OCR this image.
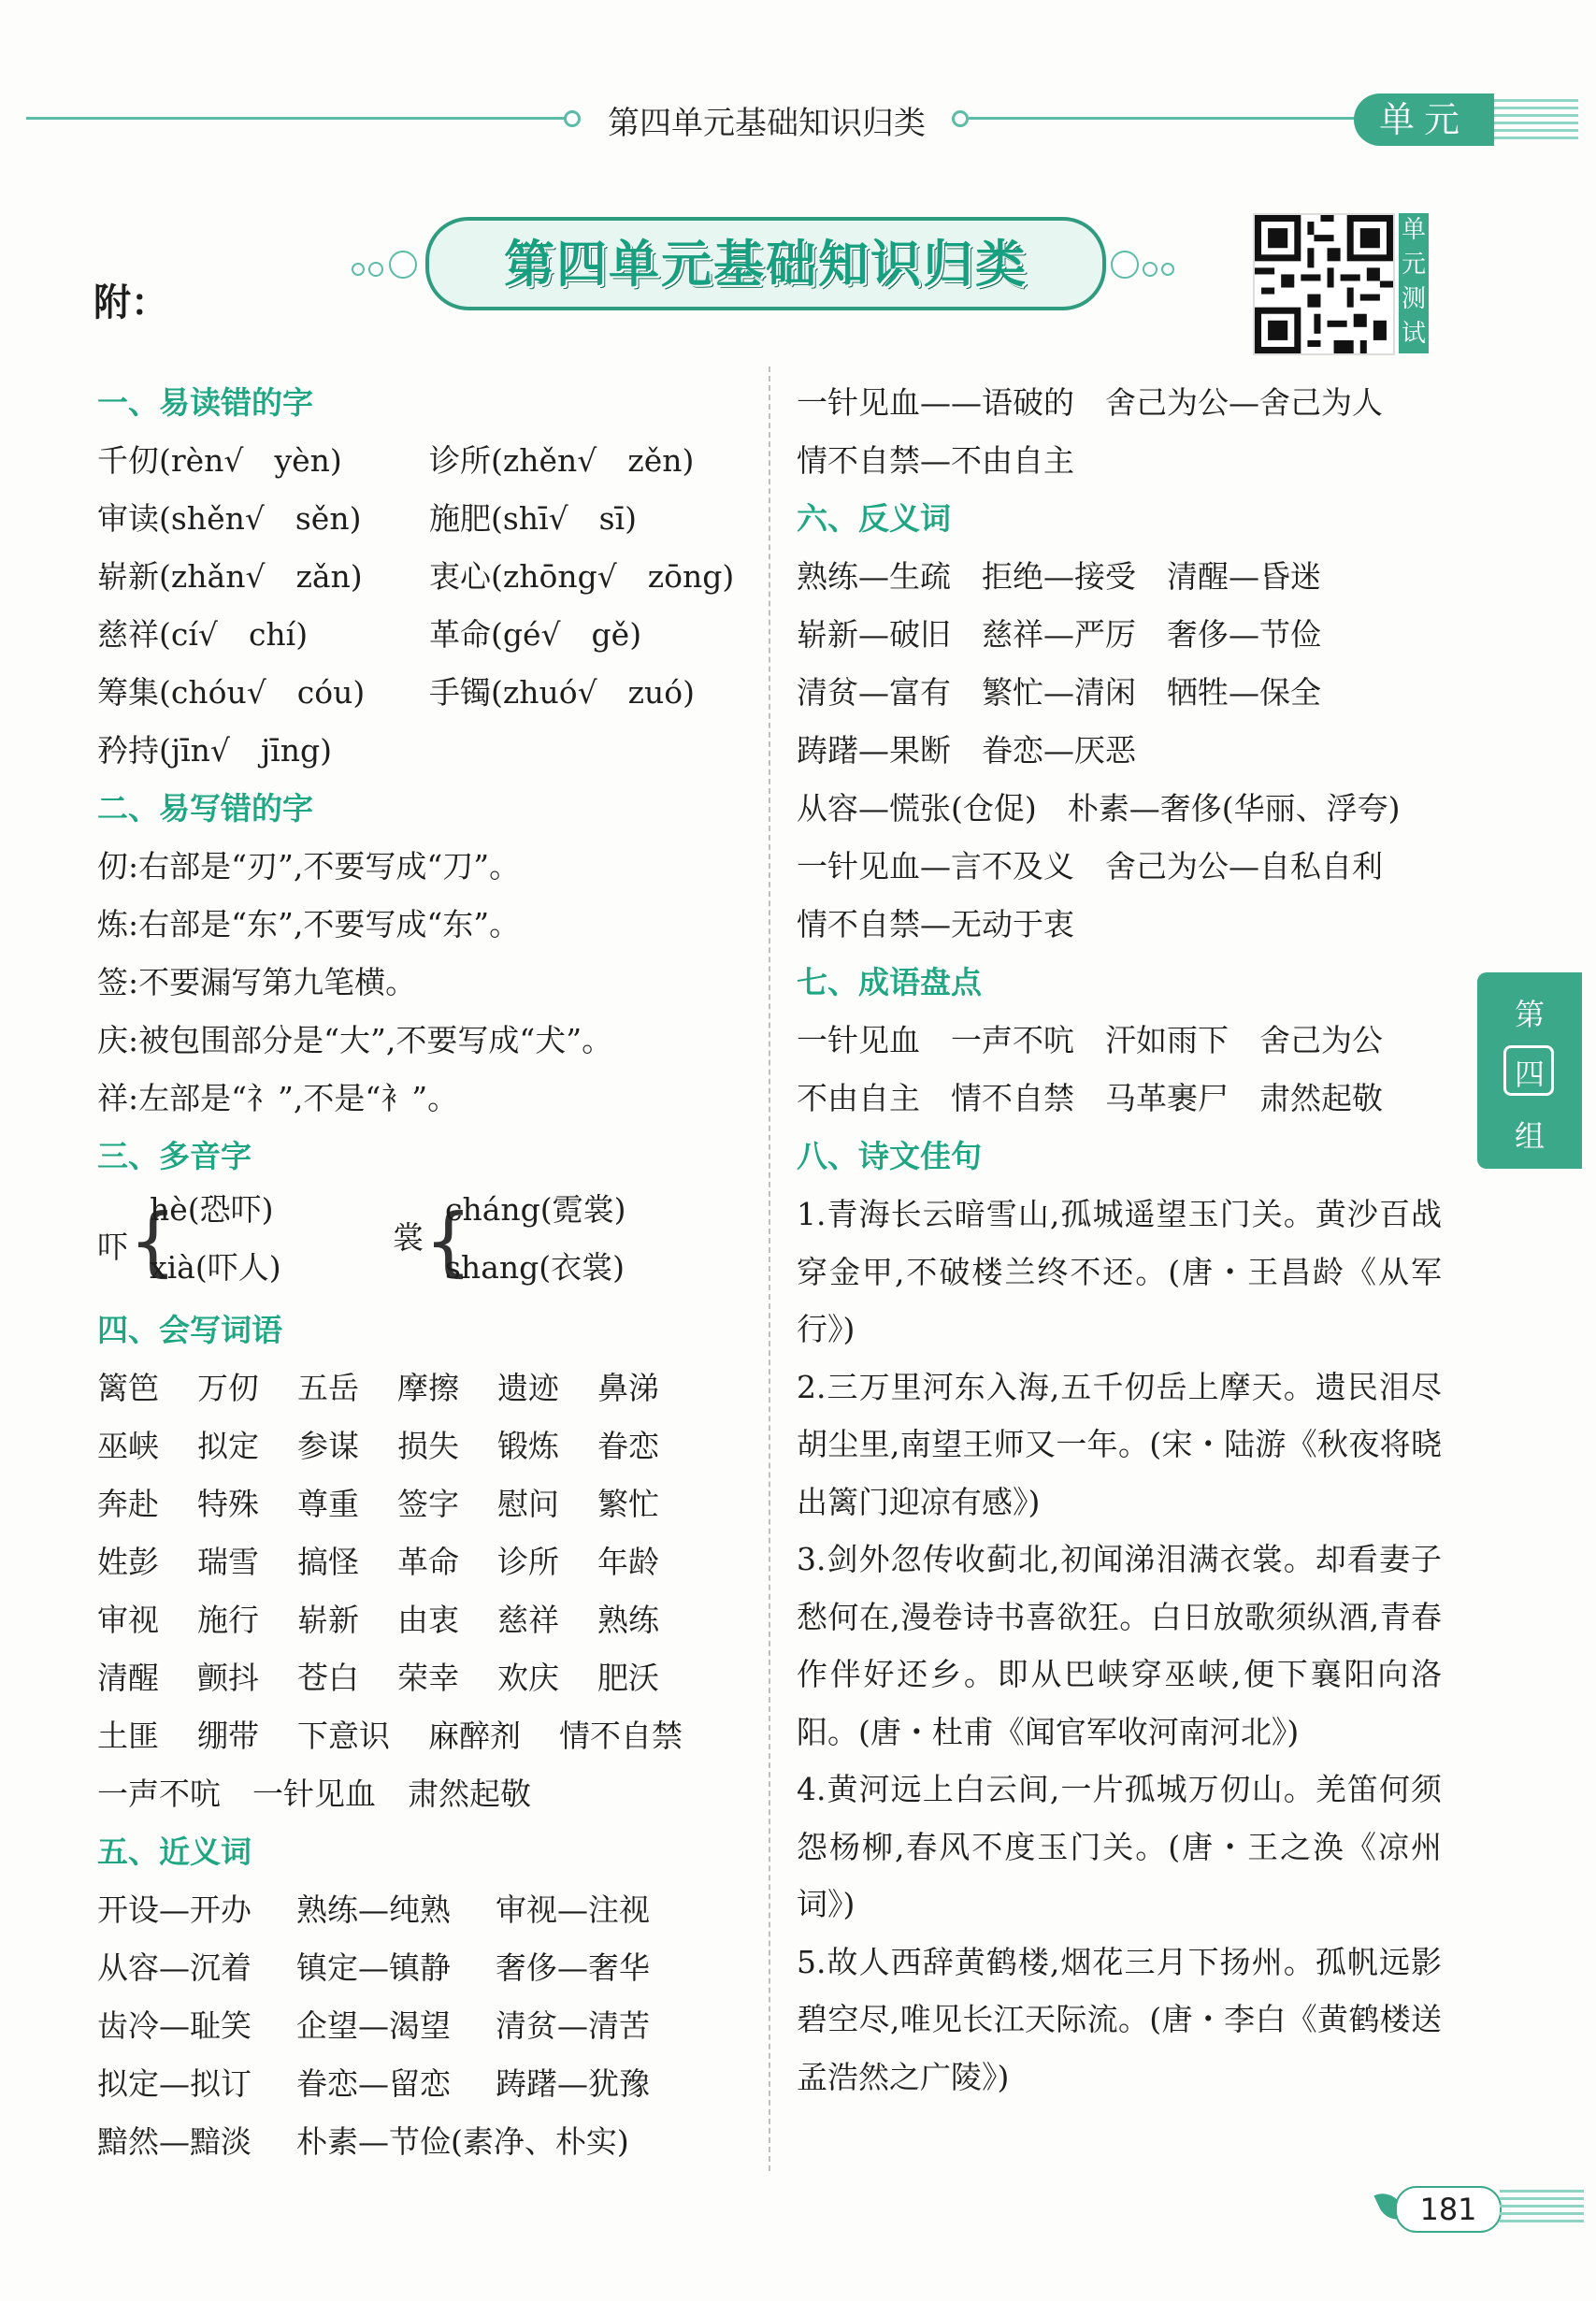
第四单元基础知识归类	单元
第四单元基础知识归类
附：
单
元
测
试
第
四
组
一、易读错的字
千仞(rèn√　yèn)	诊所(zhěn√　zěn)
审读(shěn√　sěn)	施肥(shī√　sī)
崭新(zhǎn√　zǎn)	衷心(zhōng√　zōng)
慈祥(cí√　chí)	革命(gé√　gě)
筹集(chóu√　cóu)	手镯(zhuó√　zuó)
矜持(jīn√　jīng)
二、易写错的字
仞:右部是“刃”,不要写成“刀”。
炼:右部是“东”,不要写成“东”。
签:不要漏写第九笔横。
庆:被包围部分是“大”,不要写成“犬”。
祥:左部是“礻”,不是“衤”。
三、多音字
吓 {
hè(恐吓)
xià(吓人)
裳 {
cháng(霓裳)
shang(衣裳)
四、会写词语
篱笆	万仞	五岳	摩擦	遗迹	鼻涕
巫峡	拟定	参谋	损失	锻炼	眷恋
奔赴	特殊	尊重	签字	慰问	繁忙
姓彭	瑞雪	搞怪	革命	诊所	年龄
审视	施行	崭新	由衷	慈祥	熟练
清醒	颤抖	苍白	荣幸	欢庆	肥沃
土匪 绷带 下意识 麻醉剂 情不自禁
一声不吭 一针见血 肃然起敬
五、近义词
开设—开办	熟练—纯熟	审视—注视
从容—沉着	镇定—镇静	奢侈—奢华
齿冷—耻笑	企望—渴望	清贫—清苦
拟定—拟订	眷恋—留恋	踌躇—犹豫
黯然—黯淡	朴素—节俭(素净、朴实)
一针见血——语破的　舍己为公—舍己为人
情不自禁—不由自主
六、反义词
熟练—生疏　拒绝—接受　清醒—昏迷
崭新—破旧　慈祥—严厉　奢侈—节俭
清贫—富有　繁忙—清闲　牺牲—保全
踌躇—果断　眷恋—厌恶
从容—慌张(仓促)　朴素—奢侈(华丽、浮夸)
一针见血—言不及义　舍己为公—自私自利
情不自禁—无动于衷
七、成语盘点
一针见血　一声不吭　汗如雨下　舍己为公
不由自主　情不自禁　马革裹尸　肃然起敬
八、诗文佳句
1.青海长云暗雪山,孤城遥望玉门关。黄沙百战穿金甲,不破楼兰终不还。(唐・王昌龄《从军行》)
2.三万里河东入海,五千仞岳上摩天。遗民泪尽胡尘里,南望王师又一年。(宋・陆游《秋夜将晓出篱门迎凉有感》)
3.剑外忽传收蓟北,初闻涕泪满衣裳。却看妻子愁何在,漫卷诗书喜欲狂。白日放歌须纵酒,青春作伴好还乡。即从巴峡穿巫峡,便下襄阳向洛阳。(唐・杜甫《闻官军收河南河北》)
4.黄河远上白云间,一片孤城万仞山。羌笛何须怨杨柳,春风不度玉门关。(唐・王之涣《凉州词》)
5.故人西辞黄鹤楼,烟花三月下扬州。孤帆远影碧空尽,唯见长江天际流。(唐・李白《黄鹤楼送孟浩然之广陵》)
181
